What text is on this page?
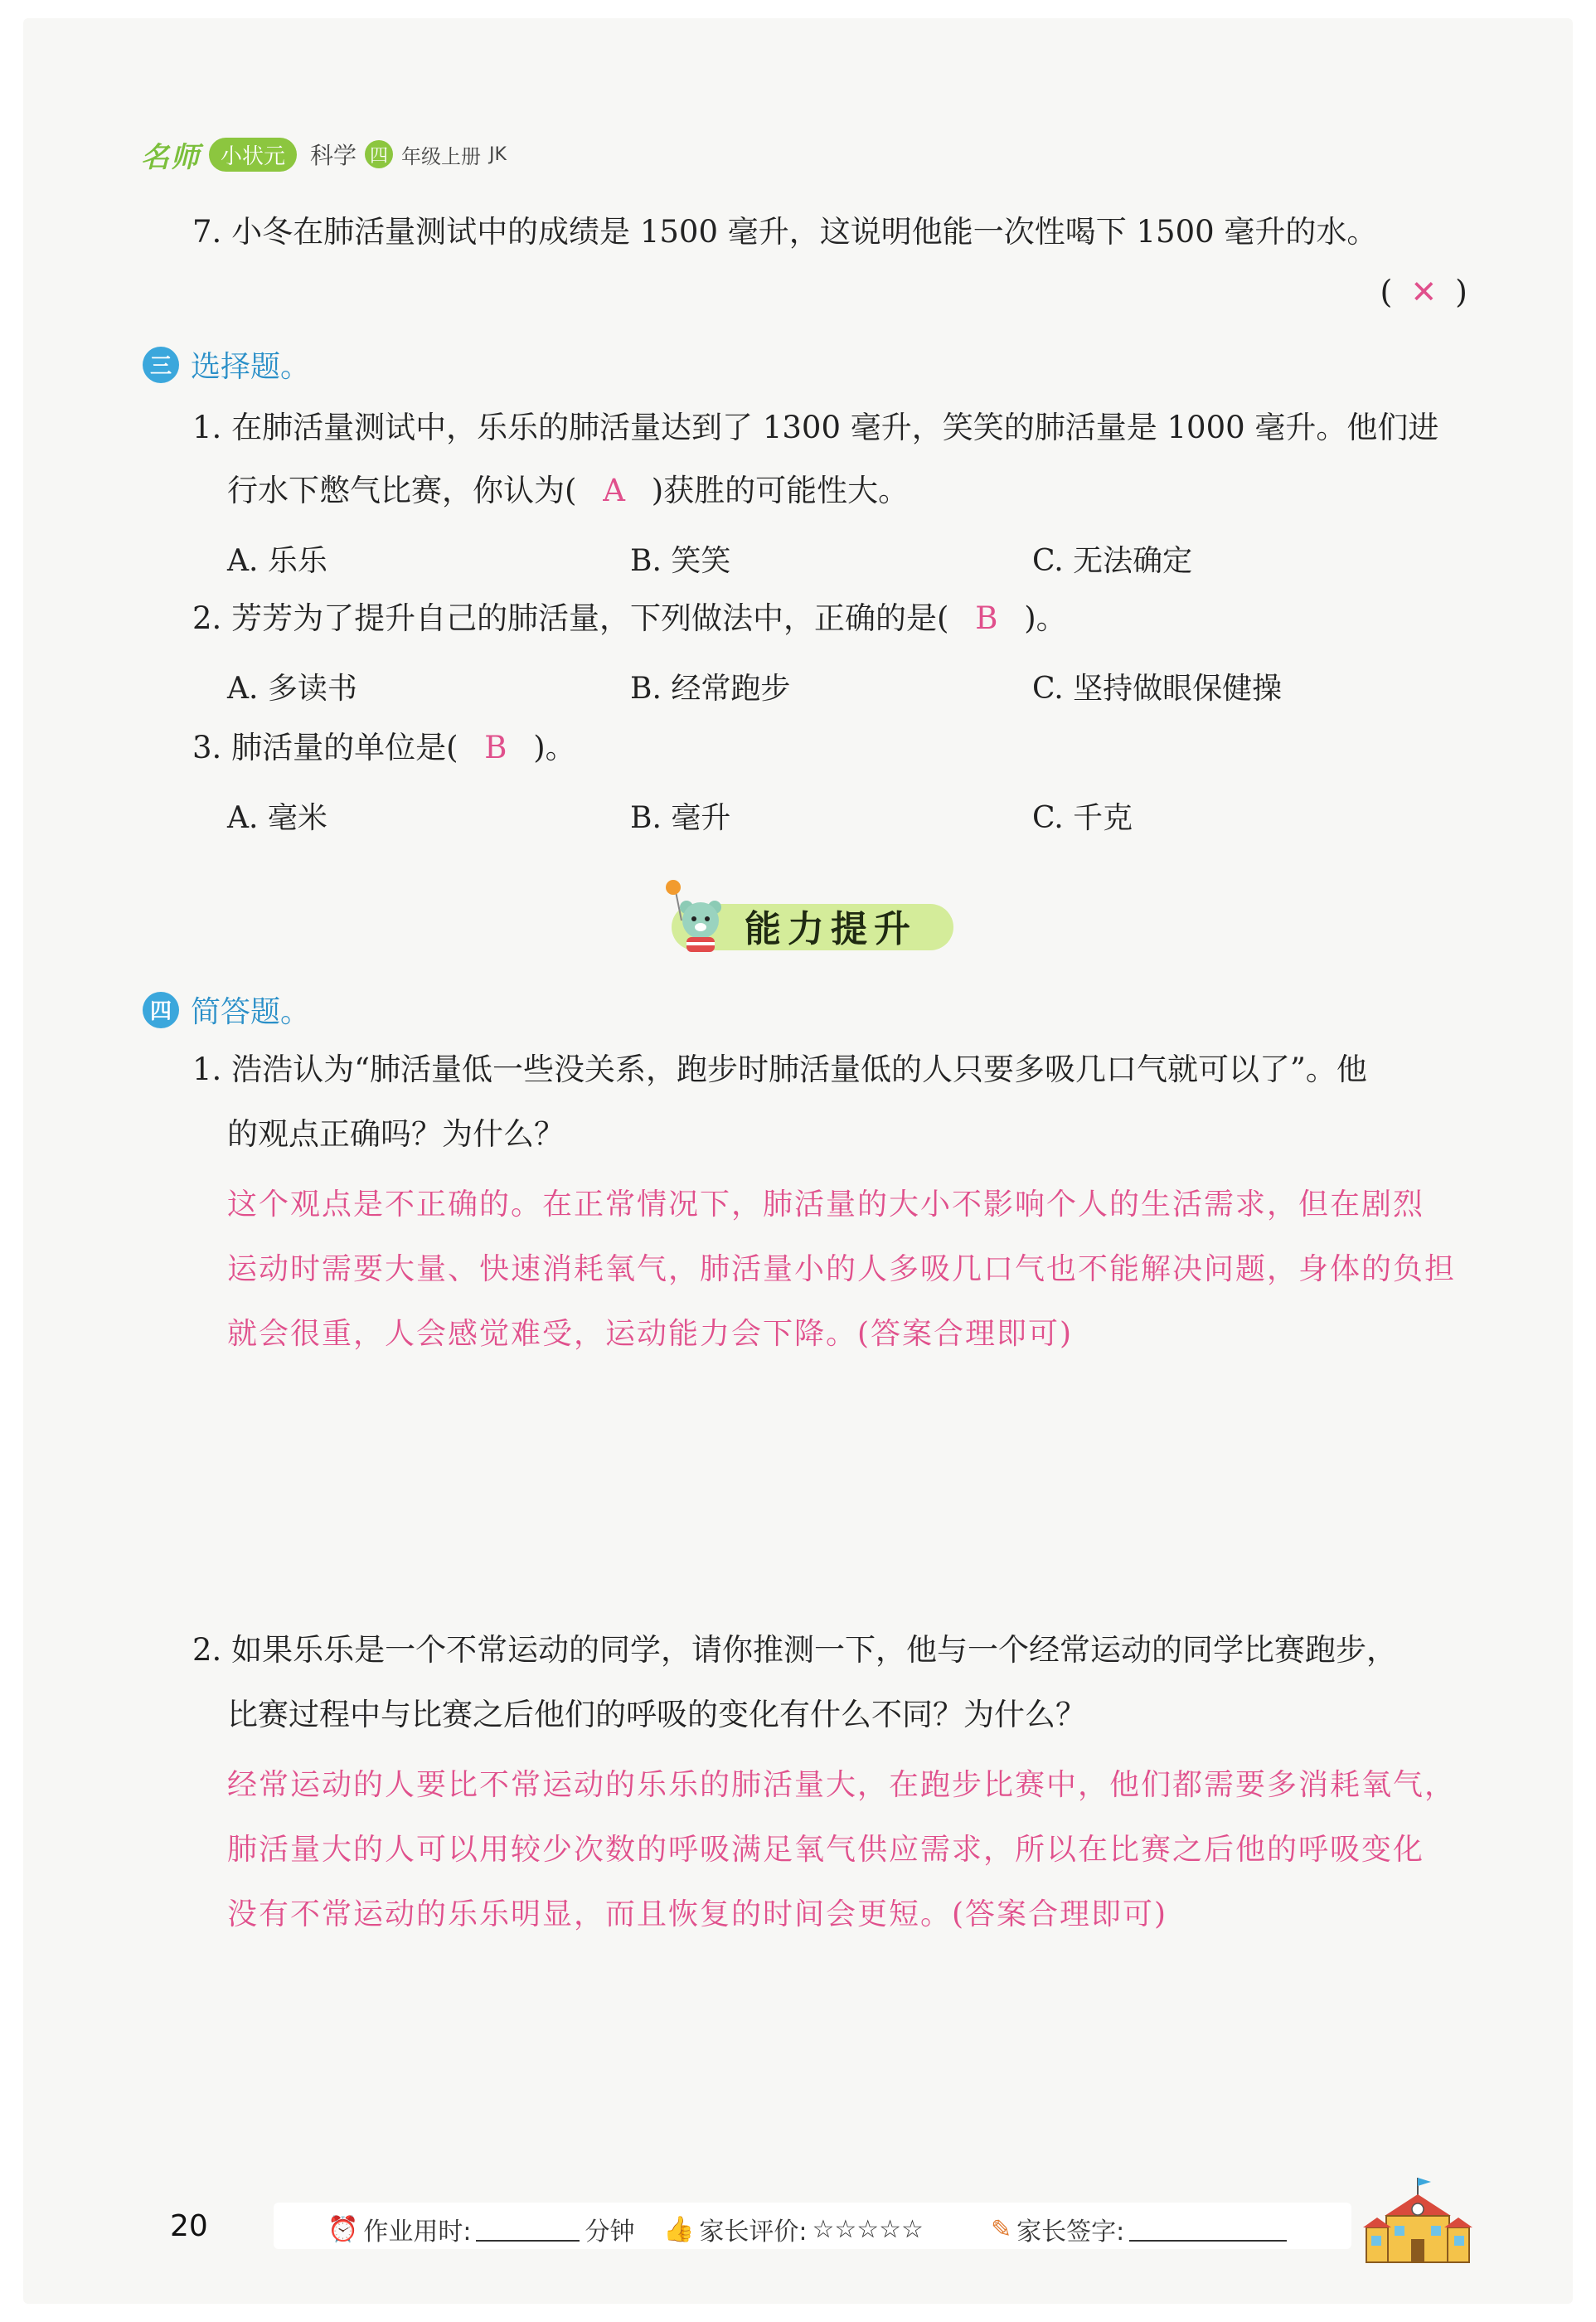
名师 小状元	科学 四 年级上册 JK
7. 小冬在肺活量测试中的成绩是 1500 毫升，这说明他能一次性喝下 1500 毫升的水。
( ✕ )
三 选择题。
1. 在肺活量测试中，乐乐的肺活量达到了 1300 毫升，笑笑的肺活量是 1000 毫升。他们进
行水下憋气比赛，你认为( A )获胜的可能性大。
A. 乐乐	B. 笑笑	C. 无法确定
2. 芳芳为了提升自己的肺活量，下列做法中，正确的是( B )。
A. 多读书	B. 经常跑步	C. 坚持做眼保健操
3. 肺活量的单位是( B )。
A. 毫米	B. 毫升	C. 千克
能力提升
四 简答题。
1. 浩浩认为“肺活量低一些没关系，跑步时肺活量低的人只要多吸几口气就可以了”。他
的观点正确吗？为什么？
这个观点是不正确的。在正常情况下，肺活量的大小不影响个人的生活需求，但在剧烈
运动时需要大量、快速消耗氧气，肺活量小的人多吸几口气也不能解决问题，身体的负担
就会很重，人会感觉难受，运动能力会下降。(答案合理即可)
2. 如果乐乐是一个不常运动的同学，请你推测一下，他与一个经常运动的同学比赛跑步，
比赛过程中与比赛之后他们的呼吸的变化有什么不同？为什么？
经常运动的人要比不常运动的乐乐的肺活量大，在跑步比赛中，他们都需要多消耗氧气，
肺活量大的人可以用较少次数的呼吸满足氧气供应需求，所以在比赛之后他的呼吸变化
没有不常运动的乐乐明显，而且恢复的时间会更短。(答案合理即可)
20	⏰ 作业用时:	分钟 👍 家长评价: ☆☆☆☆☆	✎ 家长签字:
